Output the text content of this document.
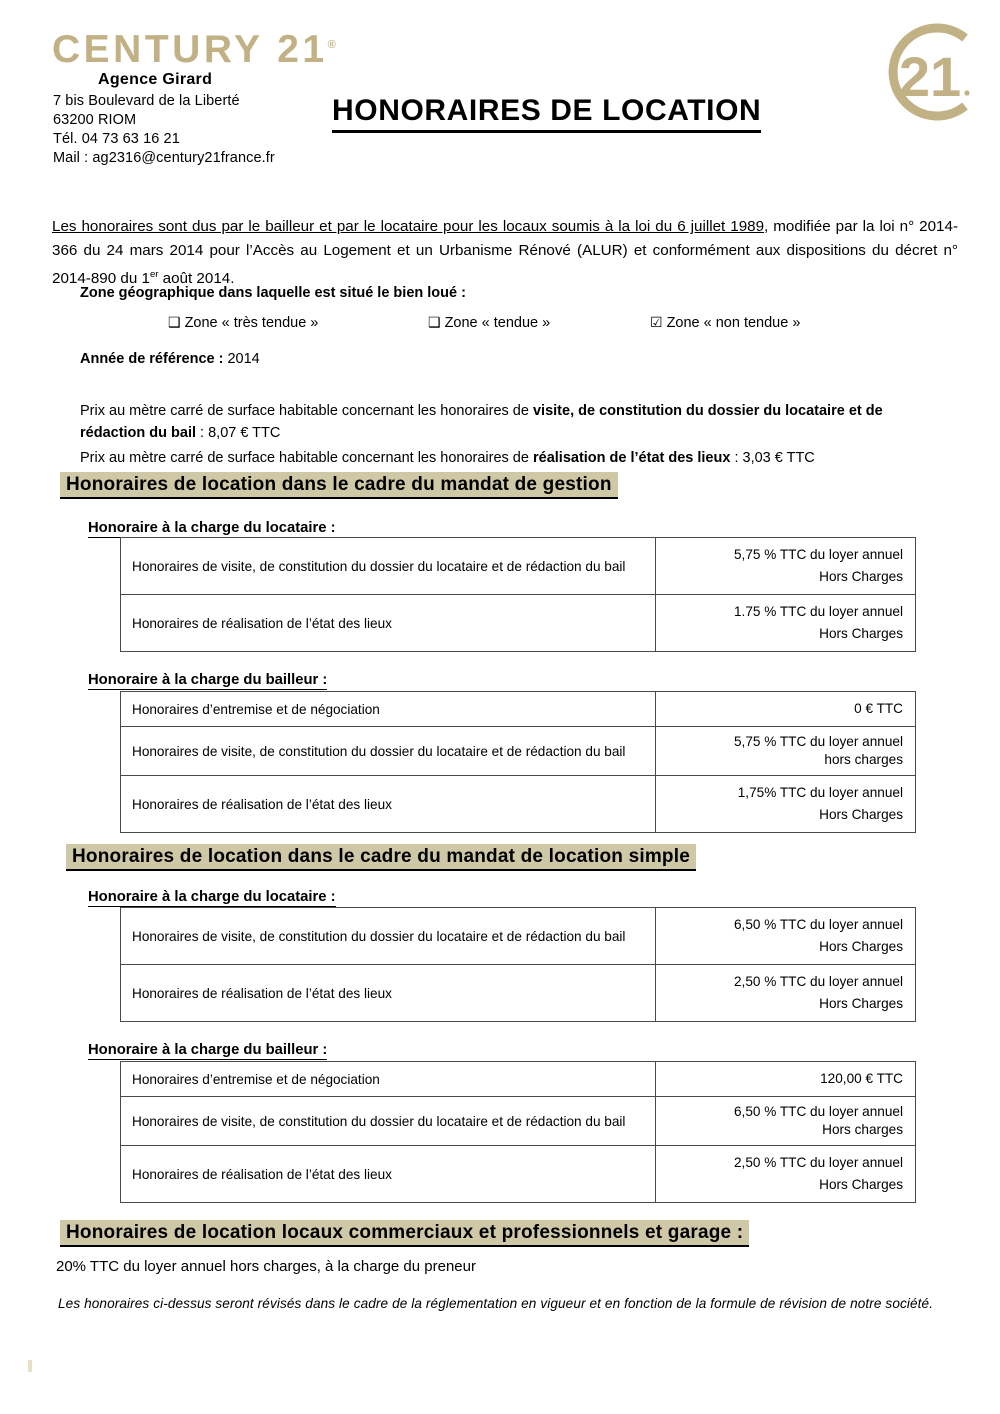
CENTURY 21®
Agence Girard
7 bis Boulevard de la Liberté
63200 RIOM
Tél. 04 73 63 16 21
Mail : ag2316@century21france.fr
HONORAIRES DE LOCATION
21

Les honoraires sont dus par le bailleur et par le locataire pour les locaux soumis à la loi du 6 juillet 1989, modifiée par la loi n° 2014-366 du 24 mars 2014 pour l’Accès au Logement et un Urbanisme Rénové (ALUR) et conformément aux dispositions du décret n° 2014-890 du 1er août 2014.

Zone géographique dans laquelle est situé le bien loué :
❑ Zone « très tendue »	❑ Zone « tendue »	☑ Zone « non tendue »
Année de référence : 2014

Prix au mètre carré de surface habitable concernant les honoraires de visite, de constitution du dossier du locataire et de rédaction du bail : 8,07 € TTC

Prix au mètre carré de surface habitable concernant les honoraires de réalisation de l’état des lieux : 3,03 € TTC

Honoraires de location dans le cadre du mandat de gestion
Honoraire à la charge du locataire :
Honoraires de visite, de constitution du dossier du locataire et de rédaction du bail	5,75 % TTC du loyer annuel
Hors Charges

Honoraires de réalisation de l’état des lieux	1.75 % TTC du loyer annuel
Hors Charges
Honoraire à la charge du bailleur :
Honoraires d’entremise et de négociation	0 € TTC
Honoraires de visite, de constitution du dossier du locataire et de rédaction du bail	5,75 % TTC du loyer annuel
hors charges

Honoraires de réalisation de l’état des lieux	1,75% TTC du loyer annuel
Hors Charges
Honoraires de location dans le cadre du mandat de location simple
Honoraire à la charge du locataire :
Honoraires de visite, de constitution du dossier du locataire et de rédaction du bail	6,50 % TTC du loyer annuel
Hors Charges

Honoraires de réalisation de l’état des lieux	2,50 % TTC du loyer annuel
Hors Charges
Honoraire à la charge du bailleur :
Honoraires d’entremise et de négociation	120,00 € TTC
Honoraires de visite, de constitution du dossier du locataire et de rédaction du bail	6,50 % TTC du loyer annuel
Hors charges

Honoraires de réalisation de l’état des lieux	2,50 % TTC du loyer annuel
Hors Charges
Honoraires de location locaux commerciaux et professionnels et garage :
20% TTC du loyer annuel hors charges, à la charge du preneur
Les honoraires ci-dessus seront révisés dans le cadre de la réglementation en vigueur et en fonction de la formule de révision de notre société.
